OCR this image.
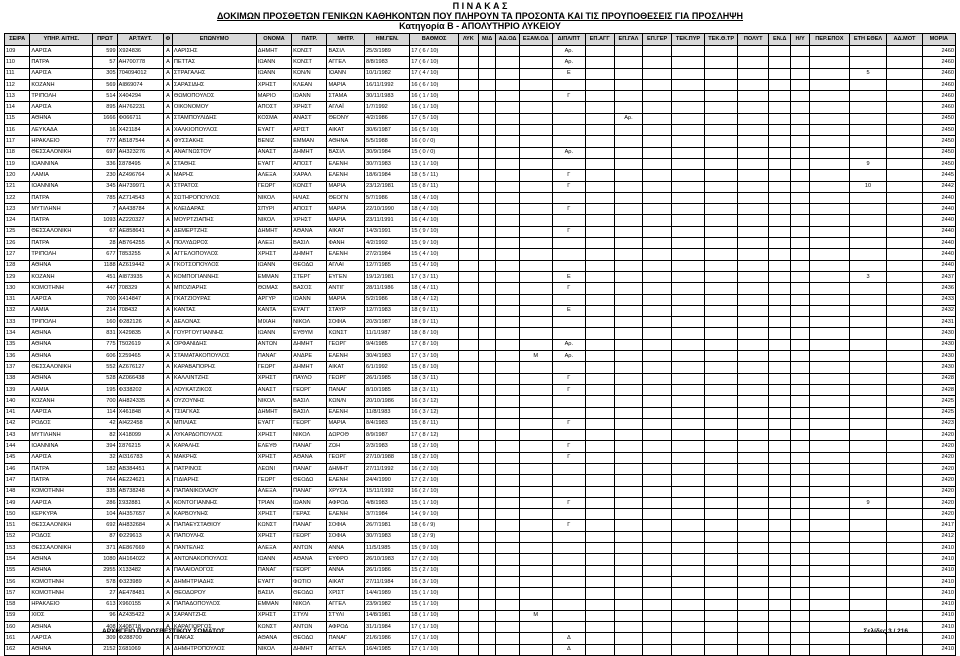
Π Ι Ν Α Κ Α Σ
ΔΟΚΙΜΩΝ ΠΡΟΣΘΕΤΩΝ ΓΕΝΙΚΩΝ ΚΑΘΗΚΟΝΤΩΝ ΠΟΥ ΠΛΗΡΟΥΝ ΤΑ ΠΡΟΣΟΝΤΑ ΚΑΙ ΤΙΣ ΠΡΟΥΠΟΘΕΣΕΙΣ ΓΙΑ ΠΡΟΣΛΗΨΗ
Κατηγορία Β - ΑΠΟΛΥΤΗΡΙΟ ΛΥΚΕΙΟΥ
ΣΕΙΡΑ	ΥΠΗΡ. ΑΙΤΗΣ.	ΠΡΩΤ	ΑΡ.ΤΑΥΤ.	Φ	ΕΠΩΝΥΜΟ	ΟΝΟΜΑ	ΠΑΤΡ.	ΜΗΤΡ.	ΗΜ.ΓΕΝ.	ΒΑΘΜΟΣ	ΛΥΚ	Μ/Δ	ΑΔ.ΟΔ	ΕΞΑΜ.ΟΔ	ΔΙΠΛ/ΠΤ	ΕΠ.ΑΓΓ	ΕΠ.ΓΑΛ	ΕΠ.ΓΕΡ	ΤΕΚ.ΠΥΡ	ΤΕΚ.Θ.ΤΡ	ΠΟΛΥΤ	ΕΝ.Δ	Η/Υ	ΠΕΡ.ΕΠΟΧ	ΕΤΗ ΕΘΕΛ	ΑΔ.ΜΟΤ	ΜΟΡΙΑ
109	ΛΑΡΙΣΑ	599	Χ924836	Α	ΛΑΡΙΣΗΣ	ΔΗΜΗΤ	ΚΩΝΣΤ	ΒΑΣΙΛ	25/3/1989	17 ( 6 / 10)					Αρ.												2460
110	ΠΑΤΡΑ	57	ΑΗ700778	Α	ΠΕΤΤΑΣ	ΙΩΑΝΝ	ΚΩΝΣΤ	ΑΓΓΕΛ	8/8/1983	17 ( 6 / 10)					Αρ.												2460
111	ΛΑΡΙΣΑ	305	704094012	Α	ΣΤΡΑΓΑΛΗΣ	ΙΩΑΝΝ	ΚΩΝ/Ν	ΙΩΑΝΝ	10/1/1982	17 ( 4 / 10)					Ε										5		2460
112	ΚΟΖΑΝΗ	569	ΑΙ869074	Α	ΣΑΡΑΣΙΔΗΣ	ΧΡΗΣΤ	ΚΛΕΑΝ	ΜΑΡΙΑ	16/11/1992	16 ( 6 / 10)																	2460
113	ΤΡΙΠΟΛΗ	514	Χ404294	Α	ΘΩΜΟΠΟΥΛΟΣ	ΜΑΡΙΟ	ΙΩΑΝΝ	ΣΤΑΜΑ	30/11/1983	16 ( 1 / 10)					Γ												2460
114	ΛΑΡΙΣΑ	895	ΑΗ762231	Α	ΟΙΚΟΝΟΜΟΥ	ΑΠΟΣΤ	ΧΡΗΣΤ	ΑΓΛΑΪ	1/7/1992	16 ( 1 / 10)																	2460
115	ΑΘΗΝΑ	1666	Φ066711	Α	ΣΤΑΜΠΟΥΛΙΔΗΣ	ΚΟΣΜΑ	ΑΝΑΣΤ	ΘΕΟΝΥ	4/2/1986	17 ( 5 / 10)							Αρ.										2450
116	ΛΕΥΚΑΔΑ	16	Χ421184	Α	ΧΑΛΚΙΟΠΟΥΛΟΣ	ΕΥΑΓΓ	ΑΡΙΣΤ	ΑΙΚΑΤ	30/6/1987	16 ( 5 / 10)																	2450
117	ΗΡΑΚΛΕΙΟ	777	ΑΒ187544	Α	ΦΥΣΣΑΚΗΣ	ΒΕΝΙΖ	ΕΜΜΑΝ	ΑΘΗΝΑ	5/5/1988	16 ( 0 / 0)																	2450
118	ΘΕΣΣΑΛΟΝΙΚΗ	697	ΑΗ323276	Α	ΑΝΑΓΝΩΣΤΟΥ	ΑΝΑΣΤ	ΔΗΜΗΤ	ΒΑΣΙΛ	30/9/1984	15 ( 0 / 0)					Αρ.												2450
119	ΙΩΑΝΝΙΝΑ	336	Σ878495	Α	ΣΤΑΘΗΣ	ΕΥΑΓΓ	ΑΠΟΣΤ	ΕΛΕΝΗ	30/7/1983	13 ( 1 / 10)															9		2450
120	ΛΑΜΙΑ	230	ΑΖ496764	Α	ΜΑΡΗΣ	ΑΛΕΞΑ	ΧΑΡΑΛ	ΕΛΕΝΗ	18/6/1984	18 ( 5 / 11)					Γ												2445
121	ΙΩΑΝΝΙΝΑ	345	ΑΗ739971	Α	ΣΤΡΑΤΟΣ	ΓΕΩΡΓ	ΚΩΝΣΤ	ΜΑΡΙΑ	23/12/1981	15 ( 8 / 11)					Γ										10		2442
122	ΠΑΤΡΑ	785	ΑΖ714543	Α	ΣΩΤΗΡΟΠΟΥΛΟΣ	ΝΙΚΟΛ	ΗΛΙΑΣ	ΘΕΟΓΝ	5/7/1986	18 ( 4 / 10)																	2440
123	ΜΥΤΙΛΗΝΗ	7	ΑΑ438784	Α	ΚΛΕΙΔΑΡΑΣ	ΣΠΥΡΙ	ΑΠΟΣΤ	ΜΑΡΙΑ	22/10/1990	18 ( 4 / 10)					Γ												2440
124	ΠΑΤΡΑ	1093	ΑΖ220327	Α	ΜΟΥΡΤΖΙΑΠΗΣ	ΝΙΚΟΛ	ΧΡΗΣΤ	ΜΑΡΙΑ	23/11/1991	16 ( 4 / 10)																	2440
125	ΘΕΣΣΑΛΟΝΙΚΗ	67	ΑΕ858641	Α	ΔΕΜΕΡΤΖΗΣ	ΔΗΜΗΤ	ΑΘΑΝΑ	ΑΙΚΑΤ	14/3/1991	15 ( 9 / 10)					Γ												2440
126	ΠΑΤΡΑ	28	ΑΒ764255	Α	ΠΟΛΥΔΩΡΟΣ	ΑΛΕΞΙ	ΒΑΣΙΛ	ΦΑΝΗ	4/2/1992	15 ( 9 / 10)																	2440
127	ΤΡΙΠΟΛΗ	677	Τ853255	Α	ΑΓΓΕΛΟΠΟΥΛΟΣ	ΧΡΗΣΤ	ΔΗΜΗΤ	ΕΛΕΝΗ	27/2/1984	15 ( 4 / 10)																	2440
128	ΑΘΗΝΑ	1188	ΑΖ619442	Α	ΓΚΟΤΣΟΠΟΥΛΟΣ	ΙΩΑΝΝ	ΘΕΟΔΩ	ΑΓΛΑΙ	12/7/1985	15 ( 4 / 10)																	2440
129	ΚΟΖΑΝΗ	451	ΑΙ873935	Α	ΚΟΜΠΟΓΙΑΝΝΗΣ	ΕΜΜΑΝ	ΣΤΕΡΓ	ΕΥΓΕΝ	19/12/1981	17 ( 3 / 11)					Ε										3		2437
130	ΚΟΜΟΤΗΝΗ	447	708329	Α	ΜΠΟΖΙΑΡΗΣ	ΘΩΜΑΣ	ΒΑΣΟΣ	ΑΝΤΙΓ	28/11/1986	18 ( 4 / 11)					Γ												2436
131	ΛΑΡΙΣΑ	700	Χ414847	Α	ΓΚΑΤΖΙΟΥΡΑΣ	ΑΡΓΥΡ	ΙΩΑΝΝ	ΜΑΡΙΑ	5/2/1986	18 ( 4 / 12)																	2433
132	ΛΑΜΙΑ	214	708432	Α	ΚΑΝΤΑΣ	ΚΑΝΤΑ	ΕΥΑΓΓ	ΣΤΑΥΡ	12/7/1983	18 ( 9 / 11)					Ε												2432
133	ΤΡΙΠΟΛΗ	160	Φ282126	Α	ΔΕΛΩΝΑΣ	ΜΙΧΑΗ	ΝΙΚΟΛ	ΣΟΦΙΑ	20/3/1987	18 ( 9 / 11)																	2431
134	ΑΘΗΝΑ	831	Χ429835	Α	ΓΟΥΡΓΟΥΓΙΑΝΝΗΣ	ΙΩΑΝΝ	ΕΥΘΥΜ	ΚΩΝΣΤ	11/1/1987	18 ( 8 / 10)																	2430
135	ΑΘΗΝΑ	775	Τ502619	Α	ΟΡΦΑΝΙΔΗΣ	ΑΝΤΩΝ	ΔΗΜΗΤ	ΓΕΩΡΓ	9/4/1985	17 ( 8 / 10)					Αρ.												2430
136	ΑΘΗΝΑ	606	Σ259465	Α	ΣΤΑΜΑΤΑΚΟΠΟΥΛΟΣ	ΠΑΝΑΓ	ΑΝΔΡΕ	ΕΛΕΝΗ	30/4/1983	17 ( 3 / 10)				Μ	Αρ.												2430
137	ΘΕΣΣΑΛΟΝΙΚΗ	552	ΑΖ676127	Α	ΚΑΡΑΒΑΠΟΡΗΣ	ΓΕΩΡΓ	ΔΗΜΗΤ	ΑΙΚΑΤ	6/1/1992	15 ( 8 / 10)																	2430
138	ΑΘΗΝΑ	528	ΑΖ066438	Α	ΚΑΛΛΙΝΤΖΗΣ	ΧΡΗΣΤ	ΠΑΥΛΟ	ΓΕΩΡΓ	26/1/1985	18 ( 3 / 11)					Γ												2428
139	ΛΑΜΙΑ	195	Φ338202	Α	ΛΟΥΚΑΤΖΙΚΟΣ	ΑΝΑΣΤ	ΓΕΩΡΓ	ΠΑΝΑΓ	8/10/1985	18 ( 3 / 11)					Γ												2428
140	ΚΟΖΑΝΗ	700	ΑΗ824335	Α	ΟΥΖΟΥΝΗΣ	ΝΙΚΟΛ	ΒΑΣΙΛ	ΚΩΝ/Ν	20/10/1986	16 ( 3 / 12)																	2425
141	ΛΑΡΙΣΑ	114	Χ461848	Α	ΤΣΙΑΓΚΑΣ	ΔΗΜΗΤ	ΒΑΣΙΛ	ΕΛΕΝΗ	11/8/1983	16 ( 3 / 12)																	2425
142	ΡΟΔΟΣ	42	ΑΙ422458	Α	ΜΠΙΛΙΑΣ	ΕΥΑΓΓ	ΓΕΩΡΓ	ΜΑΡΙΑ	8/4/1983	15 ( 8 / 11)					Γ												2423
143	ΜΥΤΙΛΗΝΗ	82	Χ418099	Α	ΛΥΚΑΡΔΟΠΟΥΛΟΣ	ΧΡΗΣΤ	ΝΙΚΟΛ	ΔΩΡΟΘ	8/9/1987	17 ( 8 / 12)																	2420
144	ΙΩΑΝΝΙΝΑ	394	Σ876215	Α	ΚΑΡΑΛΗΣ	ΕΛΕΥΘ	ΠΑΝΑΓ	ΖΩΗ	2/3/1983	18 ( 2 / 10)					Γ												2420
145	ΛΑΡΙΣΑ	32	ΑΙ316783	Α	ΜΑΚΡΗΣ	ΧΡΗΣΤ	ΑΘΑΝΑ	ΓΕΩΡΓ	27/10/1988	18 ( 2 / 10)					Γ												2420
146	ΠΑΤΡΑ	182	ΑΒ384451	Α	ΠΑΤΡΙΝΟΣ	ΛΕΩΝΙ	ΠΑΝΑΓ	ΔΗΜΗΤ	27/11/1992	16 ( 2 / 10)																	2420
147	ΠΑΤΡΑ	764	ΑΕ224621	Α	ΓΙΔΙΑΡΗΣ	ΓΕΩΡΓ	ΘΕΟΔΩ	ΕΛΕΝΗ	24/4/1990	17 ( 2 / 10)																	2420
148	ΚΟΜΟΤΗΝΗ	335	ΑΒ738248	Α	ΠΑΠΑΝΙΚΟΛΑΟΥ	ΑΛΕΞΑ	ΠΑΝΑΓ	ΧΡΥΣΑ	15/11/1992	16 ( 2 / 10)																	2420
149	ΛΑΡΙΣΑ	286	Σ932881	Α	ΚΟΝΤΟΓΙΑΝΝΗΣ	ΤΡΙΑΝ	ΙΩΑΝΝ	ΑΦΡΟΔ	4/8/1983	15 ( 1 / 10)					Γ										9		2420
150	ΚΕΡΚΥΡΑ	104	ΑΗ357657	Α	ΚΑΡΒΟΥΝΗΣ	ΧΡΗΣΤ	ΓΕΡΑΣ	ΕΛΕΝΗ	3/7/1984	14 ( 9 / 10)																	2420
151	ΘΕΣΣΑΛΟΝΙΚΗ	692	ΑΗ832684	Α	ΠΑΠΑΕΥΣΤΑΘΙΟΥ	ΚΩΝΣΤ	ΠΑΝΑΓ	ΣΟΦΙΑ	26/7/1981	18 ( 6 / 9)					Γ												2417
152	ΡΟΔΟΣ	87	Φ229613	Α	ΠΑΠΟΥΛΗΣ	ΧΡΗΣΤ	ΓΕΩΡΓ	ΣΟΦΙΑ	30/7/1983	18 ( 2 / 9)																	2412
153	ΘΕΣΣΑΛΟΝΙΚΗ	371	ΑΕ867669	Α	ΠΑΝΤΕΛΗΣ	ΑΛΕΞΑ	ΑΝΤΩΝ	ΑΝΝΑ	11/5/1985	15 ( 9 / 10)																	2410
154	ΑΘΗΝΑ	1080	ΑΗ164022	Α	ΑΝΤΩΝΑΚΟΠΟΥΛΟΣ	ΙΩΑΝΝ	ΑΘΑΝΑ	ΕΥΦΡΟ	26/10/1983	17 ( 2 / 10)																	2410
155	ΑΘΗΝΑ	2955	Χ133482	Α	ΠΑΛΑΙΟΛΟΓΟΣ	ΠΑΝΑΓ	ΓΕΩΡΓ	ΑΝΝΑ	26/1/1986	15 ( 2 / 10)																	2410
156	ΚΟΜΟΤΗΝΗ	578	Φ323989	Α	ΔΗΜΗΤΡΙΑΔΗΣ	ΕΥΑΓΓ	ΦΩΤΙΟ	ΑΙΚΑΤ	27/11/1984	16 ( 3 / 10)																	2410
157	ΚΟΜΟΤΗΝΗ	27	ΑΕ478481	Α	ΘΕΟΔΩΡΟΥ	ΒΑΣΙΛ	ΘΕΟΔΩ	ΧΡΙΣΤ	14/4/1989	15 ( 1 / 10)																	2410
158	ΗΡΑΚΛΕΙΟ	613	Χ960155	Α	ΠΑΠΑΔΟΠΟΥΛΟΣ	ΕΜΜΑΝ	ΝΙΚΟΛ	ΑΓΓΕΛ	23/9/1982	15 ( 1 / 10)																	2410
159	ΧΙΟΣ	96	ΑΖ435422	Α	ΣΑΡΑΝΤΖΗΣ	ΧΡΗΣΤ	ΣΤΥΛΙ	ΣΤΥΛΙ	14/8/1981	18 ( 1 / 10)				Μ													2410
160	ΑΘΗΝΑ	408	Χ408718	Α	ΚΑΡΑΓΙΩΡΓΟΣ	ΚΩΝΣΤ	ΑΝΤΩΝ	ΑΦΡΟΔ	31/1/1984	17 ( 1 / 10)																	2410
161	ΛΑΡΙΣΑ	309	Φ288700	Α	ΠΙΑΚΑΣ	ΑΘΑΝΑ	ΘΕΟΔΩ	ΠΑΝΑΓ	21/6/1986	17 ( 1 / 10)					Δ												2410
162	ΑΘΗΝΑ	2152	Σ681069	Α	ΔΗΜΗΤΡΟΠΟΥΛΟΣ	ΝΙΚΟΛ	ΔΗΜΗΤ	ΑΓΓΕΛ	16/4/1985	17 ( 1 / 10)					Δ												2410
ΑΡΧΗΓΕΙΟ ΠΥΡΟΣΒΕΣΤΙΚΟΥ ΣΩΜΑΤΟΣ	Σελίδες 3 / 216
